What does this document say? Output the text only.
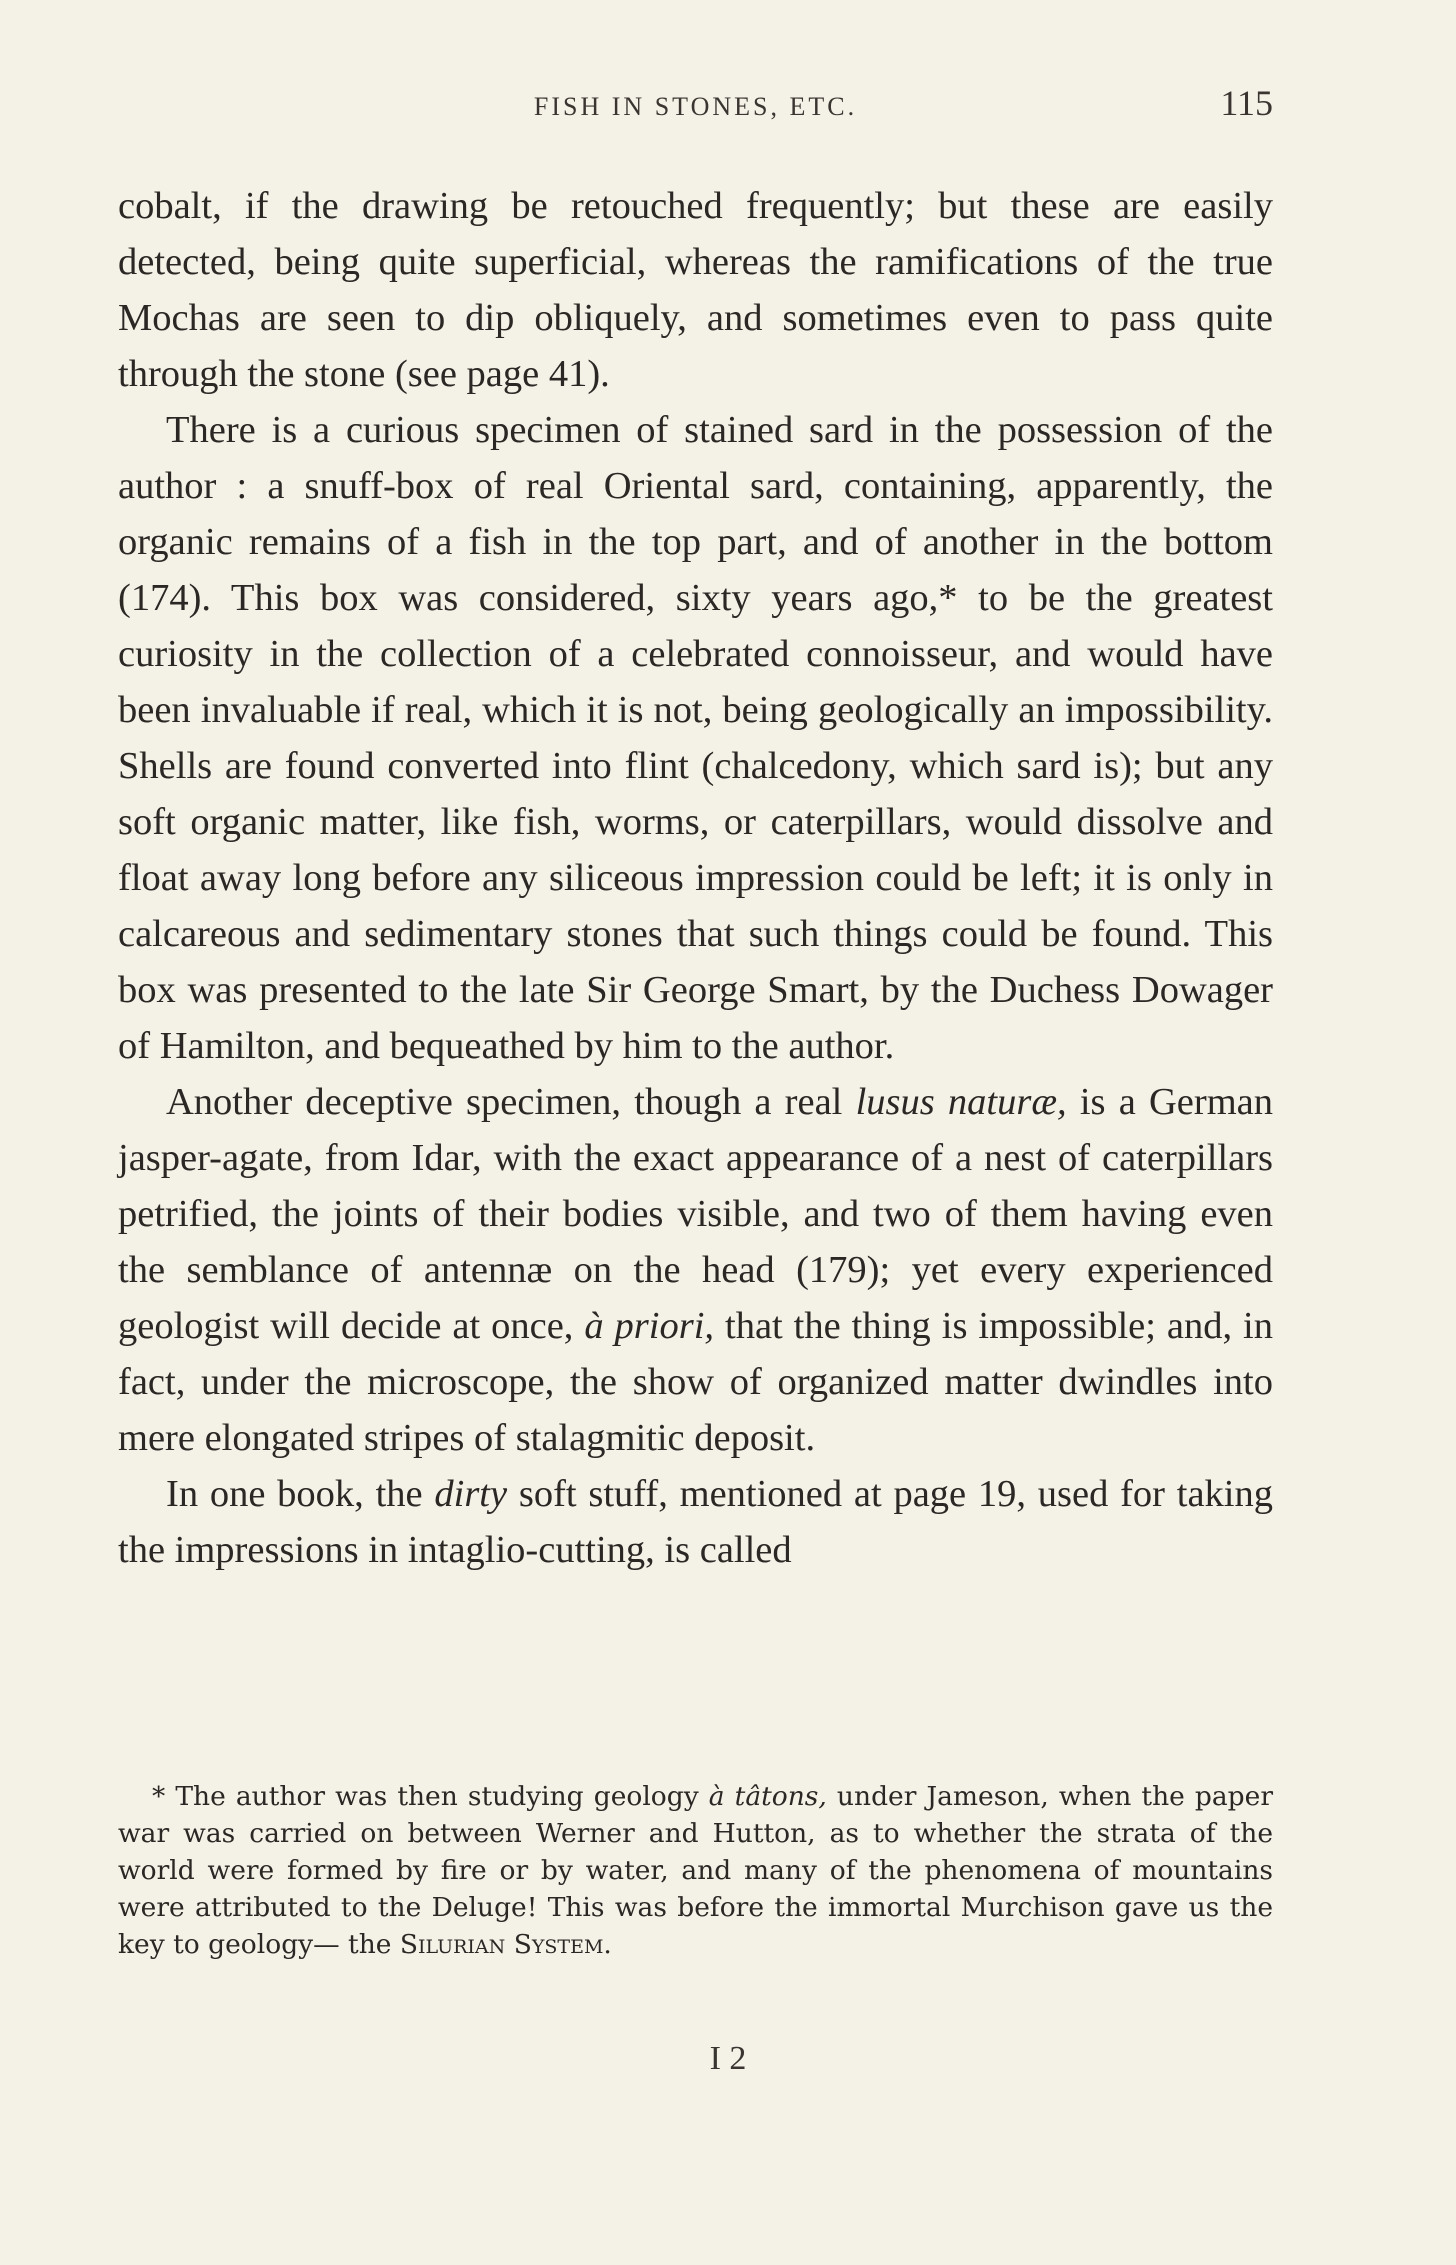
FISH IN STONES, ETC.	115

cobalt, if the drawing be retouched frequently; but these are easily detected, being quite superficial, whereas the ramifications of the true Mochas are seen to dip obliquely, and sometimes even to pass quite through the stone (see page 41).

There is a curious specimen of stained sard in the possession of the author : a snuff-box of real Oriental sard, containing, apparently, the organic remains of a fish in the top part, and of another in the bottom (174). This box was considered, sixty years ago,* to be the greatest curiosity in the collection of a celebrated connoisseur, and would have been invaluable if real, which it is not, being geologically an impossibility. Shells are found converted into flint (chalcedony, which sard is); but any soft organic matter, like fish, worms, or caterpillars, would dissolve and float away long before any siliceous impression could be left; it is only in calcareous and sedimentary stones that such things could be found. This box was presented to the late Sir George Smart, by the Duchess Dowager of Hamilton, and bequeathed by him to the author.

Another deceptive specimen, though a real lusus naturæ, is a German jasper-agate, from Idar, with the exact appearance of a nest of caterpillars petrified, the joints of their bodies visible, and two of them having even the semblance of antennæ on the head (179); yet every experienced geologist will decide at once, à priori, that the thing is impossible; and, in fact, under the microscope, the show of organized matter dwindles into mere elongated stripes of stalagmitic deposit.

In one book, the dirty soft stuff, mentioned at page 19, used for taking the impressions in intaglio-cutting, is called

* The author was then studying geology à tâtons, under Jameson, when the paper war was carried on between Werner and Hutton, as to whether the strata of the world were formed by fire or by water, and many of the phenomena of mountains were attributed to the Deluge! This was before the immortal Murchison gave us the key to geology— the Silurian System.

I 2
